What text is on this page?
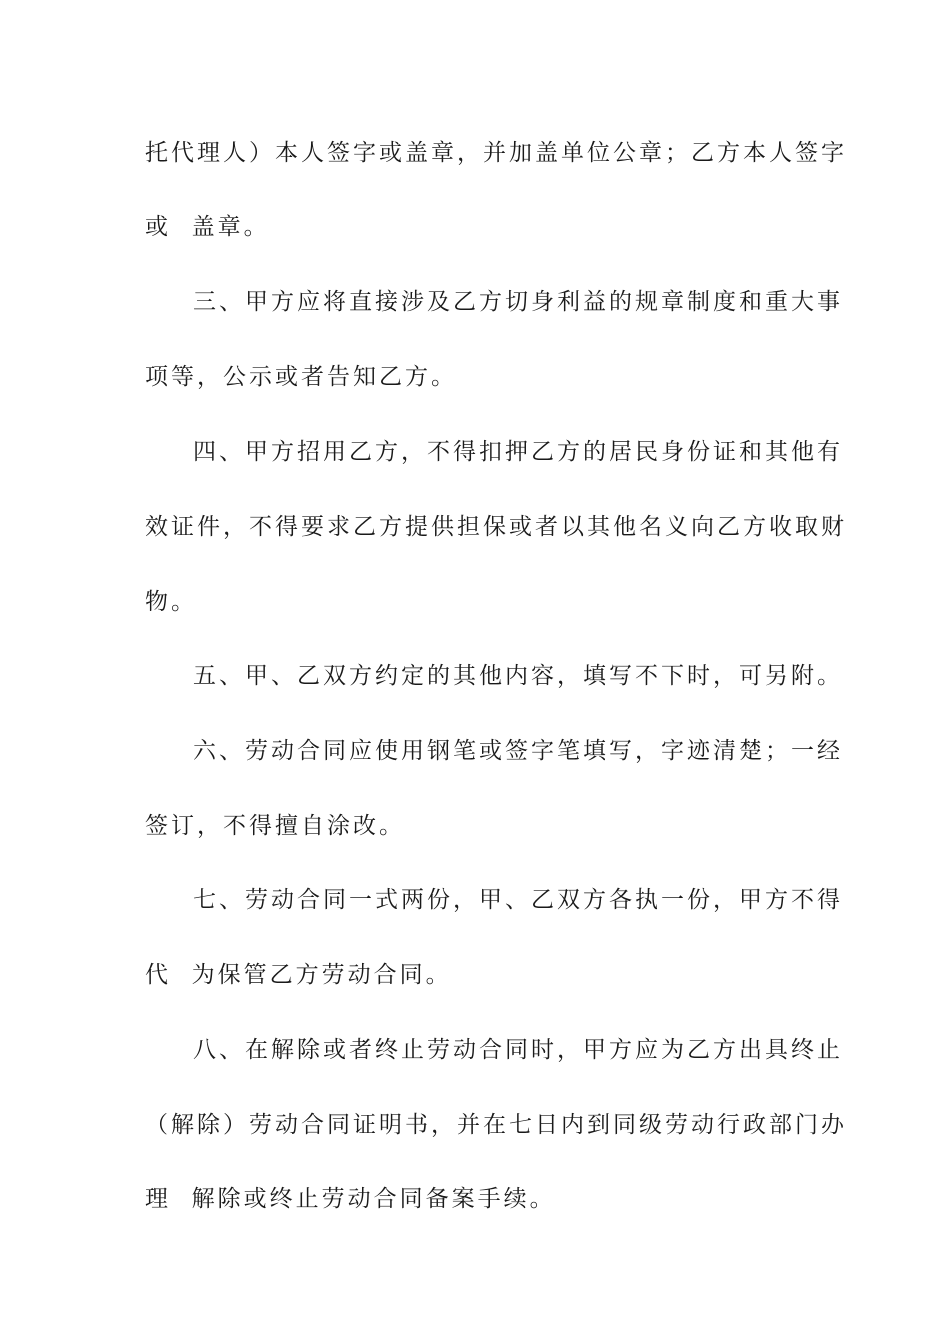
托代理人）本人签字或盖章，并加盖单位公章；乙方本人签字
或  盖章。
三、甲方应将直接涉及乙方切身利益的规章制度和重大事
项等，公示或者告知乙方。
四、甲方招用乙方，不得扣押乙方的居民身份证和其他有
效证件，不得要求乙方提供担保或者以其他名义向乙方收取财
物。
五、甲、乙双方约定的其他内容，填写不下时，可另附。
六、劳动合同应使用钢笔或签字笔填写，字迹清楚；一经
签订，不得擅自涂改。
七、劳动合同一式两份，甲、乙双方各执一份，甲方不得
代  为保管乙方劳动合同。
八、在解除或者终止劳动合同时，甲方应为乙方出具终止
（解除）劳动合同证明书，并在七日内到同级劳动行政部门办
理  解除或终止劳动合同备案手续。
